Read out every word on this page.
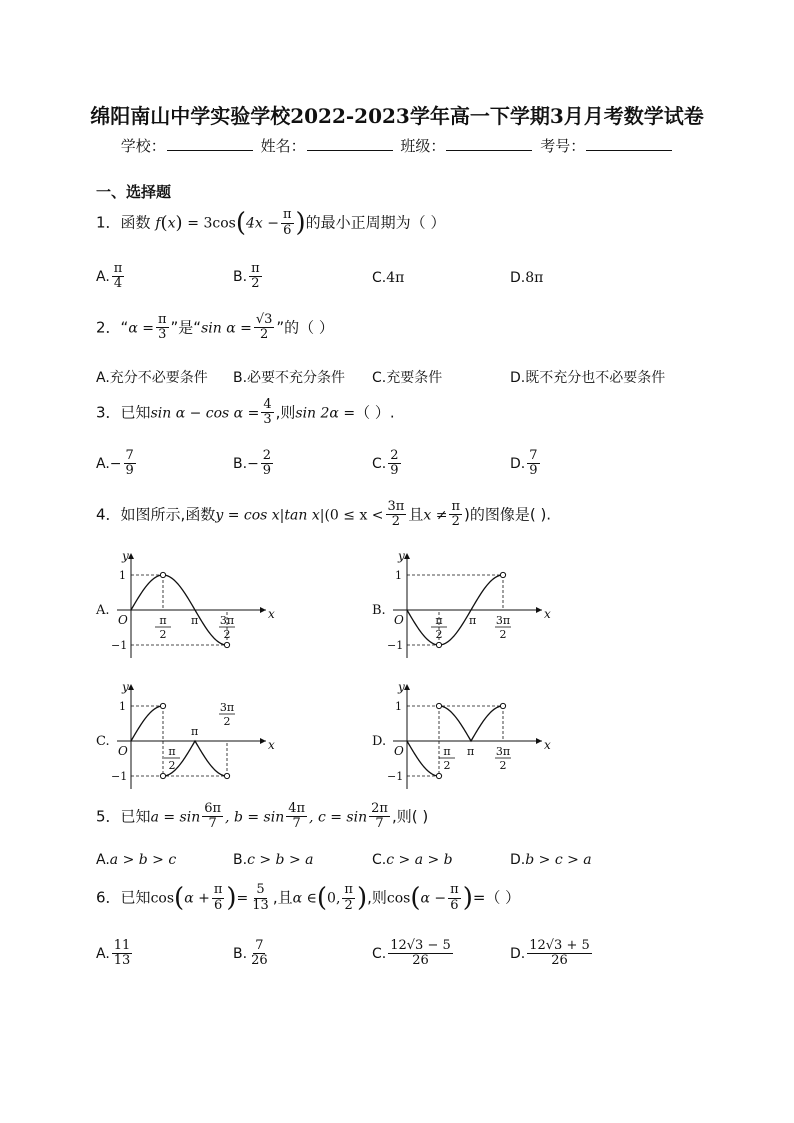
绵阳南山中学实验学校2022-2023学年高一下学期3月月考数学试卷
学校：	姓名：	班级：	考号：
一、选择题
1．函数 $f(x) = 3\cos(4x - \frac{\pi}{6}$ )的最小正周期为（ ）
A. $\frac{\pi}{4}$	B. $\frac{\pi}{2}$	C.4π	D.8π
2．“$\alpha = \frac{\pi}{3}$ ”是“sin $\alpha = \frac{√3}{2}$ ”的（ ）
A.充分不必要条件 B.必要不充分条件 C.充要条件	D.既不充分也不必要条件
3．已知$\sin \alpha - \cos \alpha = \frac{4}{3}$ ,则sin 2α =（ ）.
$A.- \frac{7}{9}$	$B.- \frac{2}{9}$	C. $\frac{2}{9}$	D. $\frac{7}{9}$
4．如图所示,函数y = cos x|tan $x|(0 \le x < \frac{3\pi}{2}$ 且$x \ne \frac{\pi}{2}$ )的图像是( ).
A.
y
x
O
1
−1
π
2
π 3π
2
B.
y
x
O
1
−1
π
2
π 3π
2
C.
y
x
O
1
−1
π
2
π
3π
2
D.
y
x
O
1
−1
π
2
π 3π
2
5．已知$a = \sin \frac{6\pi}{7}$ , $b = \sin \frac{4\pi}{7}$ , $c = \sin \frac{2\pi}{7}$ ,则( )
A.a > b > c	B.c > b > a	C.c > a > b	D.b > c > a
6．已知$\cos(\alpha + \frac{\pi}{6}$ )= $\frac{5}{13}$ ,且α ∈(0, $\frac{\pi}{2}$ ),则$\cos(\alpha - \frac{\pi}{6}$ )=（ ）
A. $\frac{11}{13}$	B. $\frac{7}{26}$	C. $\frac{12√3 - 5}{26}$	D. $\frac{12√3 + 5}{26}$
